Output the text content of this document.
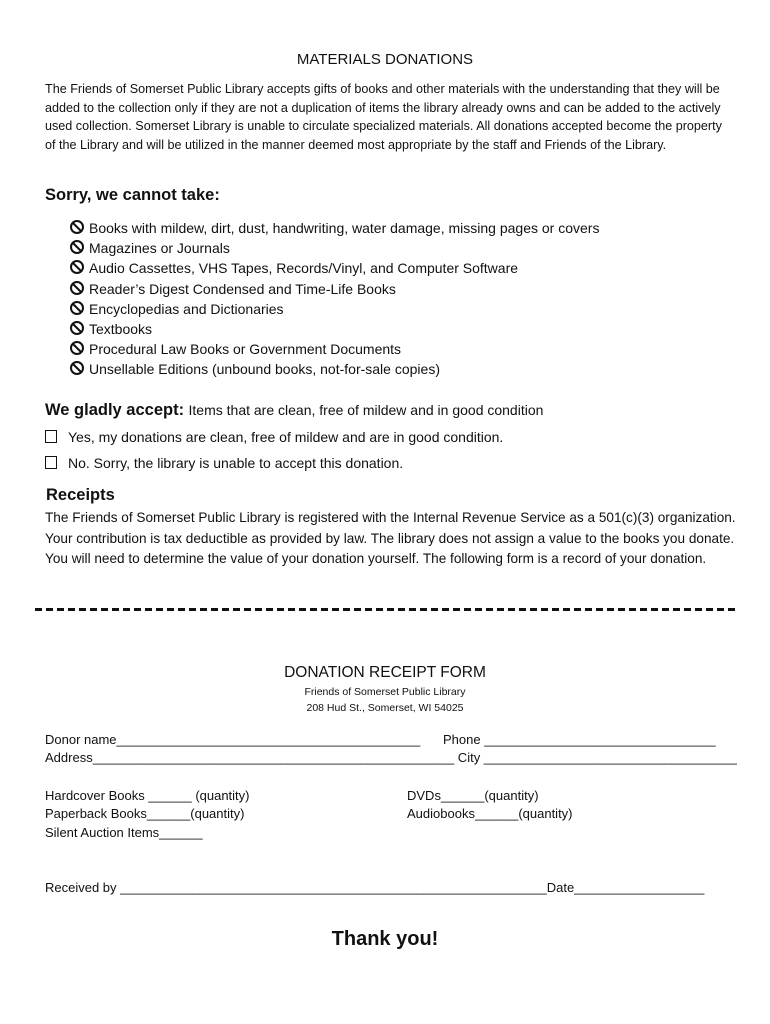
MATERIALS DONATIONS
The Friends of Somerset Public Library accepts gifts of books and other materials with the understanding that they will be added to the collection only if they are not a duplication of items the library already owns and can be added to the actively used collection. Somerset Library is unable to circulate specialized materials. All donations accepted become the property of the Library and will be utilized in the manner deemed most appropriate by the staff and Friends of the Library.
Sorry, we cannot take:
Books with mildew, dirt, dust, handwriting, water damage, missing pages or covers
Magazines or Journals
Audio Cassettes, VHS Tapes, Records/Vinyl, and Computer Software
Reader’s Digest Condensed and Time-Life Books
Encyclopedias and Dictionaries
Textbooks
Procedural Law Books or Government Documents
Unsellable Editions (unbound books, not-for-sale copies)
We gladly accept: Items that are clean, free of mildew and in good condition
Yes, my donations are clean, free of mildew and are in good condition.
No. Sorry, the library is unable to accept this donation.
Receipts
The Friends of Somerset Public Library is registered with the Internal Revenue Service as a 501(c)(3) organization. Your contribution is tax deductible as provided by law. The library does not assign a value to the books you donate. You will need to determine the value of your donation yourself. The following form is a record of your donation.
DONATION RECEIPT FORM
Friends of Somerset Public Library
208 Hud St., Somerset, WI 54025
Donor name__________________________________________ Phone ________________________________
Address__________________________________________________ City ___________________________________
Hardcover Books ______ (quantity)
Paperback Books______(quantity)
Silent Auction Items______
DVDs______(quantity)
Audiobooks______(quantity)
Received by ___________________________________________________________Date__________________
Thank you!
